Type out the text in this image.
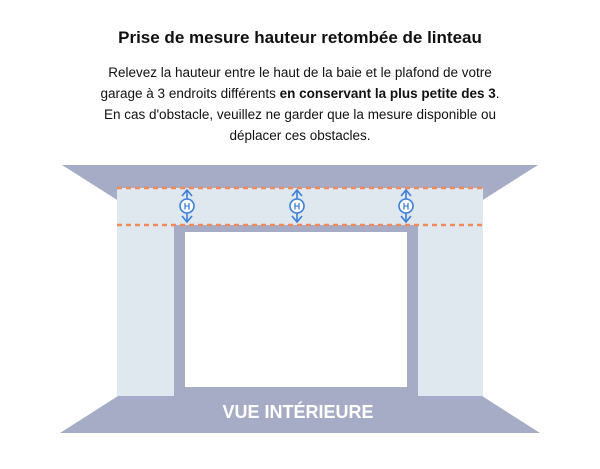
Prise de mesure hauteur retombée de linteau
Relevez la hauteur entre le haut de la baie et le plafond de votre
garage à 3 endroits différents en conservant la plus petite des 3.
En cas d'obstacle, veuillez ne garder que la mesure disponible ou
déplacer ces obstacles.
H	H	H
VUE INTÉRIEURE
